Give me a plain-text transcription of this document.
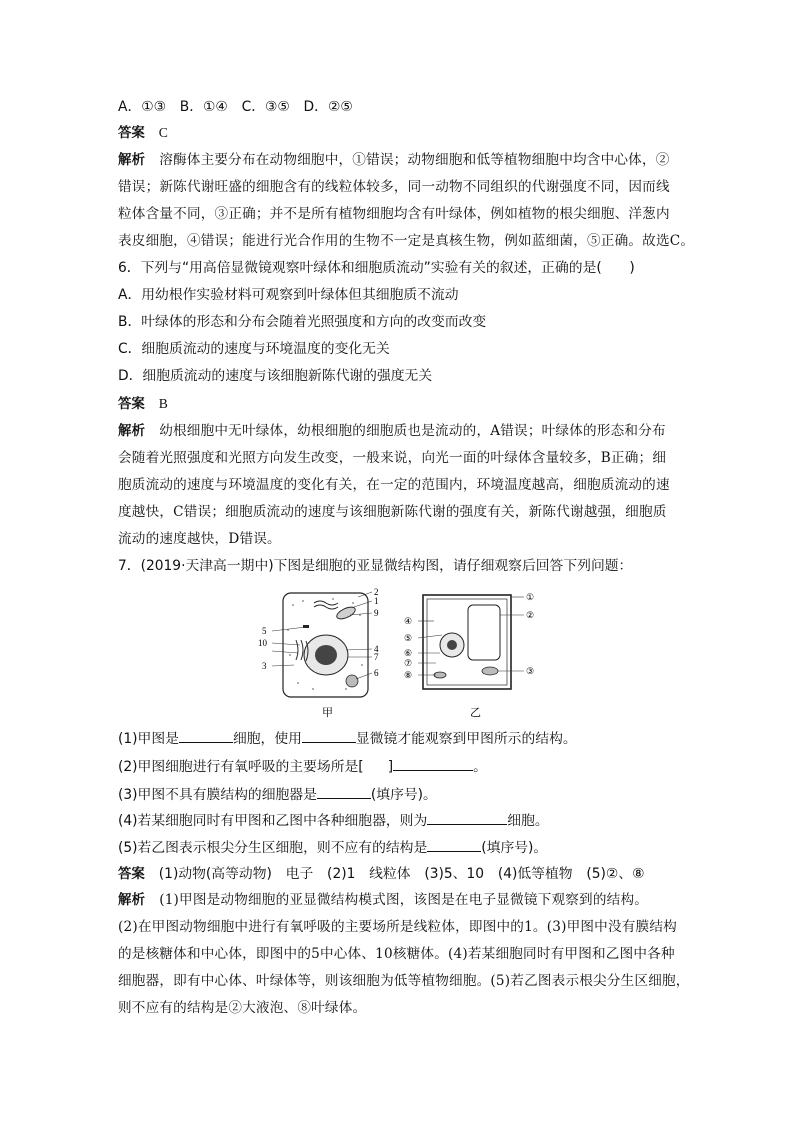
A．①③　B．①④　C．③⑤　D．②⑤
答案 C
解析 溶酶体主要分布在动物细胞中，①错误；动物细胞和低等植物细胞中均含中心体，②
错误；新陈代谢旺盛的细胞含有的线粒体较多，同一动物不同组织的代谢强度不同，因而线
粒体含量不同，③正确；并不是所有植物细胞均含有叶绿体，例如植物的根尖细胞、洋葱内
表皮细胞，④错误；能进行光合作用的生物不一定是真核生物，例如蓝细菌，⑤正确。故选C。
6．下列与“用高倍显微镜观察叶绿体和细胞质流动”实验有关的叙述，正确的是(　　)
A．用幼根作实验材料可观察到叶绿体但其细胞质不流动
B．叶绿体的形态和分布会随着光照强度和方向的改变而改变
C．细胞质流动的速度与环境温度的变化无关
D．细胞质流动的速度与该细胞新陈代谢的强度无关
答案 B
解析 幼根细胞中无叶绿体，幼根细胞的细胞质也是流动的，A错误；叶绿体的形态和分布
会随着光照强度和光照方向发生改变，一般来说，向光一面的叶绿体含量较多，B正确；细
胞质流动的速度与环境温度的变化有关，在一定的范围内，环境温度越高，细胞质流动的速
度越快，C错误；细胞质流动的速度与该细胞新陈代谢的强度有关，新陈代谢越强，细胞质
流动的速度越快，D错误。
7．(2019·天津高一期中)下图是细胞的亚显微结构图，请仔细观察后回答下列问题：
2
1
9
5
10
3
4
7
6
甲
④
⑤
⑥
⑦
⑧
①
②
③
乙
(1)甲图是	细胞，使用	显微镜才能观察到甲图所示的结构。
(2)甲图细胞进行有氧呼吸的主要场所是[ ]	。
(3)甲图不具有膜结构的细胞器是	(填序号)。
(4)若某细胞同时有甲图和乙图中各种细胞器，则为	细胞。
(5)若乙图表示根尖分生区细胞，则不应有的结构是	(填序号)。
答案 (1)动物(高等动物)　电子　(2)1　线粒体　(3)5、10　(4)低等植物　(5)②、⑧
解析 (1)甲图是动物细胞的亚显微结构模式图，该图是在电子显微镜下观察到的结构。
(2)在甲图动物细胞中进行有氧呼吸的主要场所是线粒体，即图中的1。(3)甲图中没有膜结构
的是核糖体和中心体，即图中的5中心体、10核糖体。(4)若某细胞同时有甲图和乙图中各种
细胞器，即有中心体、叶绿体等，则该细胞为低等植物细胞。(5)若乙图表示根尖分生区细胞，
则不应有的结构是②大液泡、⑧叶绿体。
